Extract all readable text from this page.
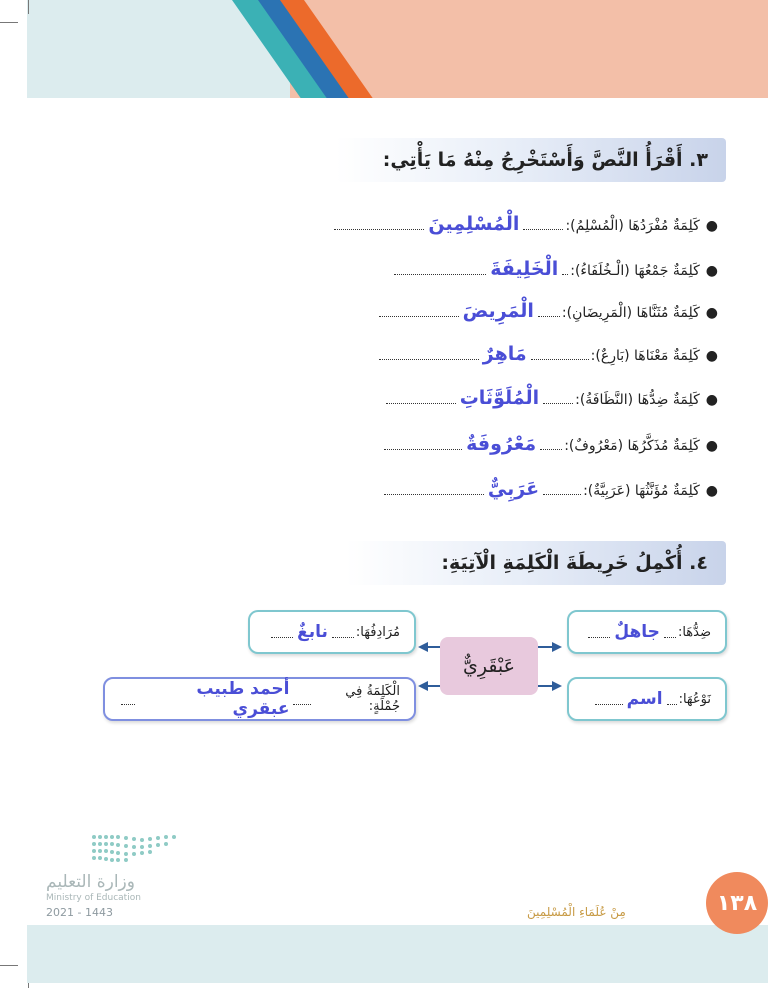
٣. أَقْرَأُ النَّصَّ وَأَسْتَخْرِجُ مِنْهُ مَا يَأْتِي:
●
كَلِمَةٌ مُفْرَدُهَا (الْمُسْلِمُ):
الْمُسْلِمِينَ
●
كَلِمَةٌ جَمْعُهَا (الْـخُلَفَاءُ):
الْخَلِيفَةَ
●
كَلِمَةٌ مُثَنَّاهَا (الْمَرِيضَانِ):
الْمَرِيضَ
●
كَلِمَةٌ مَعْنَاهَا (بَارِعٌ):
مَاهِرٌ
●
كَلِمَةٌ ضِدُّهَا (النَّظَافَةُ):
الْمُلَوَّثَاتِ
●
كَلِمَةٌ مُذَكَّرُهَا (مَعْرُوفٌ):
مَعْرُوفَةٌ
●
كَلِمَةٌ مُؤَنَّثُهَا (عَرَبِيَّةٌ):
عَرَبِيٌّ
٤. أُكْمِلُ خَرِيطَةَ الْكَلِمَةِ الْآتِيَةِ:
عَبْقَرِيٌّ
ضِدُّهَا:
جاهلٌ
مُرَادِفُهَا:
نابغٌ
نَوْعُهَا:
اسم
الْكَلِمَةُ فِي جُمْلَةٍ:
أحمد طبيب عبقري
وزارة التعليم
Ministry of Education
2021 - 1443	١٣٨
مِنْ عُلَمَاءِ الْمُسْلِمِينَ
